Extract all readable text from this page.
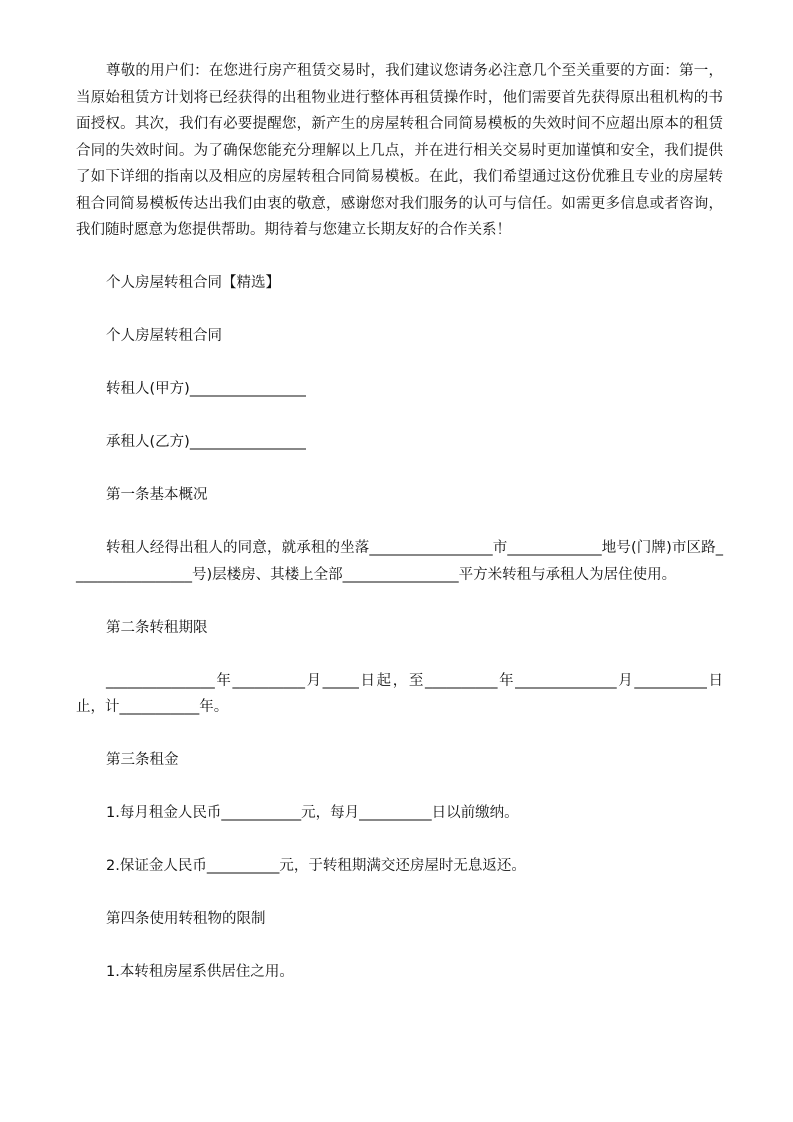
尊敬的用户们：在您进行房产租赁交易时，我们建议您请务必注意几个至关重要的方面：第一，当原始租赁方计划将已经获得的出租物业进行整体再租赁操作时，他们需要首先获得原出租机构的书面授权。其次，我们有必要提醒您，新产生的房屋转租合同简易模板的失效时间不应超出原本的租赁合同的失效时间。为了确保您能充分理解以上几点，并在进行相关交易时更加谨慎和安全，我们提供了如下详细的指南以及相应的房屋转租合同简易模板。在此，我们希望通过这份优雅且专业的房屋转租合同简易模板传达出我们由衷的敬意，感谢您对我们服务的认可与信任。如需更多信息或者咨询，我们随时愿意为您提供帮助。期待着与您建立长期友好的合作关系！

个人房屋转租合同【精选】

个人房屋转租合同

转租人(甲方)________________

承租人(乙方)________________

第一条基本概况

转租人经得出租人的同意，就承租的坐落_________________市_____________地号(门牌)市区路_________________号)层楼房、其楼上全部________________平方米转租与承租人为居住使用。

第二条转租期限

_______________年__________月_____日起，至__________年______________月__________日止，计___________年。

第三条租金

1.每月租金人民币___________元，每月__________日以前缴纳。

2.保证金人民币__________元，于转租期满交还房屋时无息返还。

第四条使用转租物的限制

1.本转租房屋系供居住之用。
